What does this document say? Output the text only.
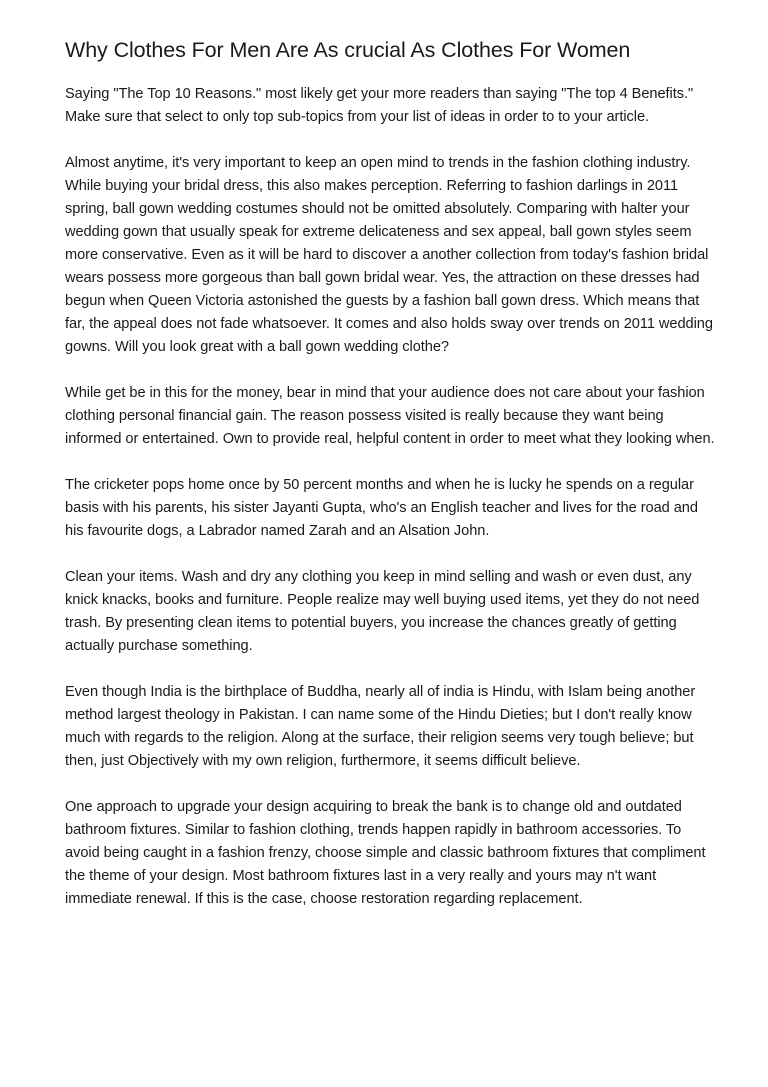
Why Clothes For Men Are As crucial As Clothes For Women

Saying "The Top 10 Reasons." most likely get your more readers than saying "The top 4 Benefits." Make sure that select to only top sub-topics from your list of ideas in order to to your article.

Almost anytime, it's very important to keep an open mind to trends in the fashion clothing industry. While buying your bridal dress, this also makes perception. Referring to fashion darlings in 2011 spring, ball gown wedding costumes should not be omitted absolutely. Comparing with halter your wedding gown that usually speak for extreme delicateness and sex appeal, ball gown styles seem more conservative. Even as it will be hard to discover a another collection from today's fashion bridal wears possess more gorgeous than ball gown bridal wear. Yes, the attraction on these dresses had begun when Queen Victoria astonished the guests by a fashion ball gown dress. Which means that far, the appeal does not fade whatsoever. It comes and also holds sway over trends on 2011 wedding gowns. Will you look great with a ball gown wedding clothe?

While get be in this for the money, bear in mind that your audience does not care about your fashion clothing personal financial gain. The reason possess visited is really because they want being informed or entertained. Own to provide real, helpful content in order to meet what they looking when.

The cricketer pops home once by 50 percent months and when he is lucky he spends on a regular basis with his parents, his sister Jayanti Gupta, who's an English teacher and lives for the road and his favourite dogs, a Labrador named Zarah and an Alsation John.

Clean your items. Wash and dry any clothing you keep in mind selling and wash or even dust, any knick knacks, books and furniture. People realize may well buying used items, yet they do not need trash. By presenting clean items to potential buyers, you increase the chances greatly of getting actually purchase something.

Even though India is the birthplace of Buddha, nearly all of india is Hindu, with Islam being another method largest theology in Pakistan. I can name some of the Hindu Dieties; but I don't really know much with regards to the religion. Along at the surface, their religion seems very tough believe; but then, just Objectively with my own religion, furthermore, it seems difficult believe.

One approach to upgrade your design acquiring to break the bank is to change old and outdated bathroom fixtures. Similar to fashion clothing, trends happen rapidly in bathroom accessories. To avoid being caught in a fashion frenzy, choose simple and classic bathroom fixtures that compliment the theme of your design. Most bathroom fixtures last in a very really and yours may n't want immediate renewal. If this is the case, choose restoration regarding replacement.
